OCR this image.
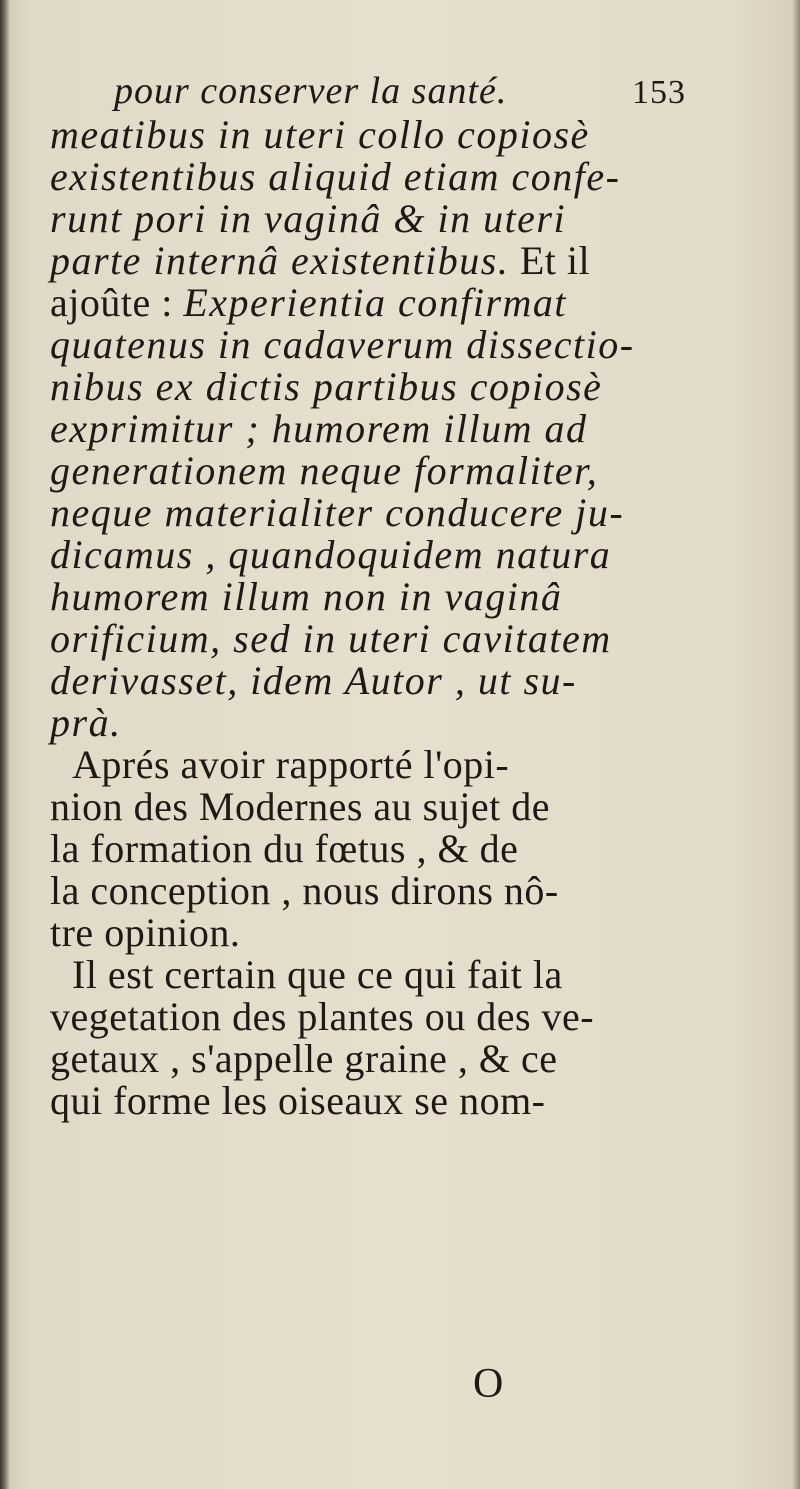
pour conserver la santé.	153
meatibus in uteri collo copiosè
existentibus aliquid etiam confe-
runt pori in vaginâ & in uteri
parte internâ existentibus. Et il
ajoûte : Experientia confirmat
quatenus in cadaverum dissectio-
nibus ex dictis partibus copiosè
exprimitur ; humorem illum ad
generationem neque formaliter,
neque materialiter conducere ju-
dicamus , quandoquidem natura
humorem illum non in vaginâ
orificium, sed in uteri cavitatem
derivasset, idem Autor , ut su-
prà.
Aprés avoir rapporté l'opi-
nion des Modernes au sujet de
la formation du fœtus , & de
la conception , nous dirons nô-
tre opinion.
Il est certain que ce qui fait la
vegetation des plantes ou des ve-
getaux , s'appelle graine , & ce
qui forme les oiseaux se nom-
O
